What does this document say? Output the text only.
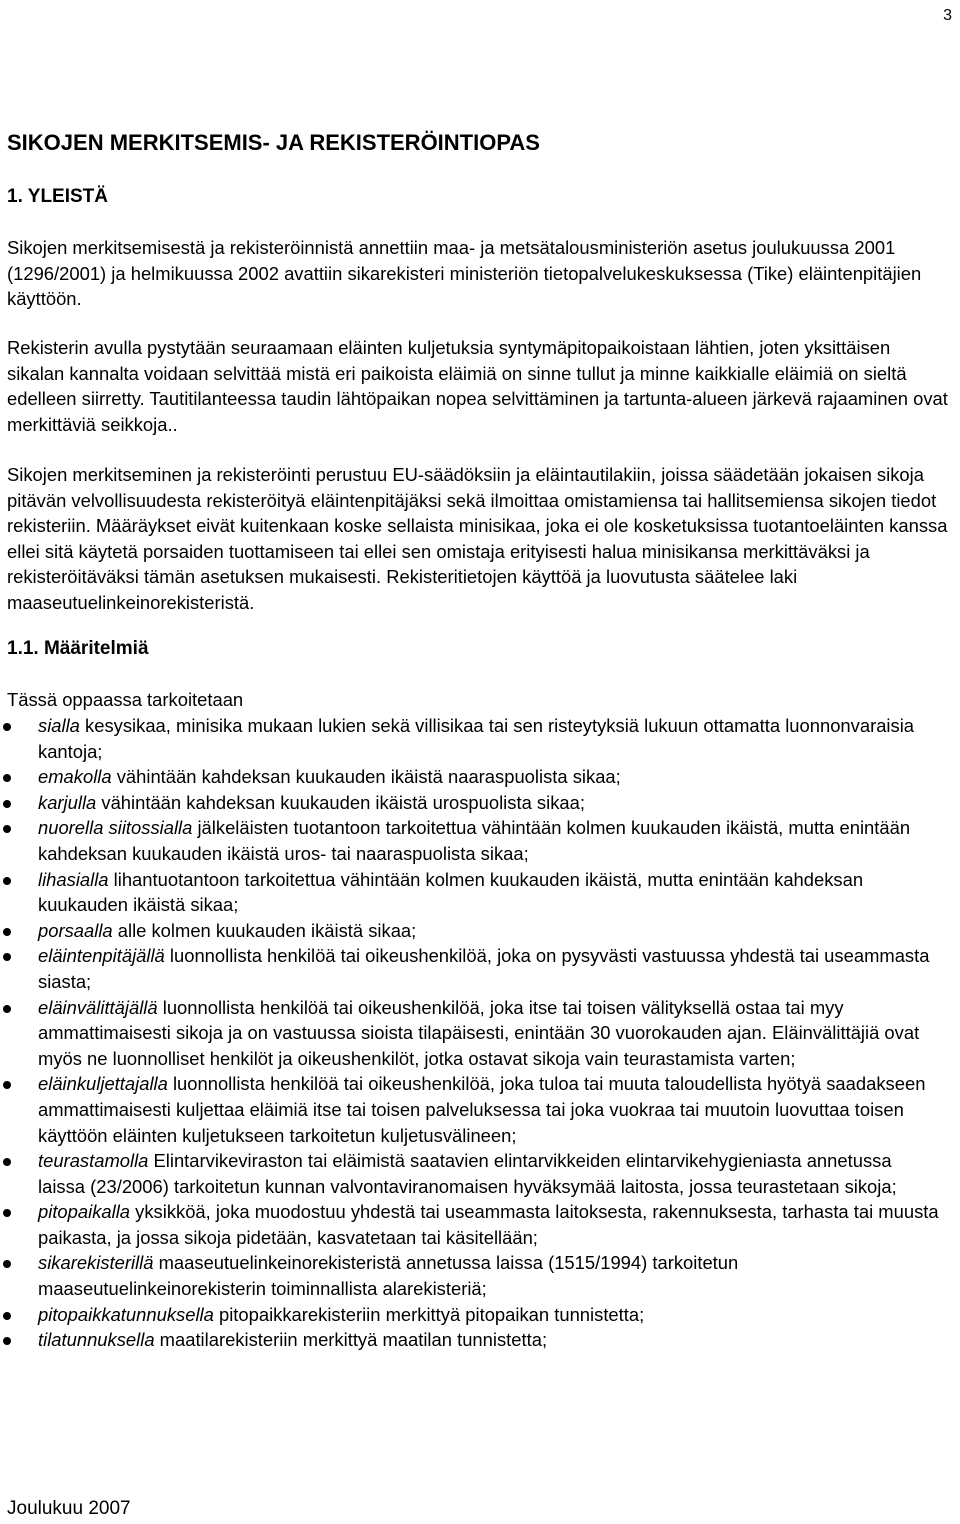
3
SIKOJEN MERKITSEMIS- JA REKISTERÖINTIOPAS
1. YLEISTÄ
Sikojen merkitsemisestä ja rekisteröinnistä annettiin maa- ja metsätalousministeriön asetus joulukuussa 2001 (1296/2001) ja helmikuussa 2002 avattiin sikarekisteri ministeriön tietopalvelukeskuksessa (Tike) eläintenpitäjien käyttöön.
Rekisterin avulla pystytään seuraamaan eläinten kuljetuksia syntymäpitopaikoistaan lähtien, joten yksittäisen sikalan kannalta voidaan selvittää mistä eri paikoista eläimiä on sinne tullut ja minne kaikkialle eläimiä on sieltä edelleen siirretty. Tautitilanteessa taudin lähtöpaikan nopea selvittäminen ja tartunta-alueen järkevä rajaaminen ovat merkittäviä seikkoja..
Sikojen merkitseminen ja rekisteröinti perustuu EU-säädöksiin ja eläintautilakiin, joissa säädetään jokaisen sikoja pitävän velvollisuudesta rekisteröityä eläintenpitäjäksi sekä ilmoittaa omistamiensa tai hallitsemiensa sikojen tiedot rekisteriin. Määräykset eivät kuitenkaan koske sellaista minisikaa, joka ei ole kosketuksissa tuotantoeläinten kanssa ellei sitä käytetä porsaiden tuottamiseen tai ellei sen omistaja erityisesti halua minisikansa merkittäväksi ja rekisteröitäväksi tämän asetuksen mukaisesti. Rekisteritietojen käyttöä ja luovutusta säätelee laki maaseutuelinkeinorekisteristä.
1.1. Määritelmiä
Tässä oppaassa tarkoitetaan
sialla kesysikaa, minisika mukaan lukien sekä villisikaa tai sen risteytyksiä lukuun ottamatta luonnonvaraisia kantoja;
emakolla vähintään kahdeksan kuukauden ikäistä naaraspuolista sikaa;
karjulla vähintään kahdeksan kuukauden ikäistä urospuolista sikaa;
nuorella siitossialla jälkeläisten tuotantoon tarkoitettua vähintään kolmen kuukauden ikäistä, mutta enintään kahdeksan kuukauden ikäistä uros- tai naaraspuolista sikaa;
lihasialla lihantuotantoon tarkoitettua vähintään kolmen kuukauden ikäistä, mutta enintään kahdeksan kuukauden ikäistä sikaa;
porsaalla alle kolmen kuukauden ikäistä sikaa;
eläintenpitäjällä luonnollista henkilöä tai oikeushenkilöä, joka on pysyvästi vastuussa yhdestä tai useammasta siasta;
eläinvälittäjällä luonnollista henkilöä tai oikeushenkilöä, joka itse tai toisen välityksellä ostaa tai myy ammattimaisesti sikoja ja on vastuussa sioista tilapäisesti, enintään 30 vuorokauden ajan. Eläinvälittäjiä ovat myös ne luonnolliset henkilöt ja oikeushenkilöt, jotka ostavat sikoja vain teurastamista varten;
eläinkuljettajalla luonnollista henkilöä tai oikeushenkilöä, joka tuloa tai muuta taloudellista hyötyä saadakseen ammattimaisesti kuljettaa eläimiä itse tai toisen palveluksessa tai joka vuokraa tai muutoin luovuttaa toisen käyttöön eläinten kuljetukseen tarkoitetun kuljetusvälineen;
teurastamolla Elintarvikeviraston tai eläimistä saatavien elintarvikkeiden elintarvikehygieniasta annetussa laissa (23/2006) tarkoitetun kunnan valvontaviranomaisen hyväksymää laitosta, jossa teurastetaan sikoja;
pitopaikalla yksikköä, joka muodostuu yhdestä tai useammasta laitoksesta, rakennuksesta, tarhasta tai muusta paikasta, ja jossa sikoja pidetään, kasvatetaan tai käsitellään;
sikarekisterillä maaseutuelinkeinorekisteristä annetussa laissa (1515/1994) tarkoitetun maaseutuelinkeinorekisterin toiminnallista alarekisteriä;
pitopaikkatunnuksella pitopaikkarekisteriin merkittyä pitopaikan tunnistetta;
tilatunnuksella maatilarekisteriin merkittyä maatilan tunnistetta;
Joulukuu 2007
